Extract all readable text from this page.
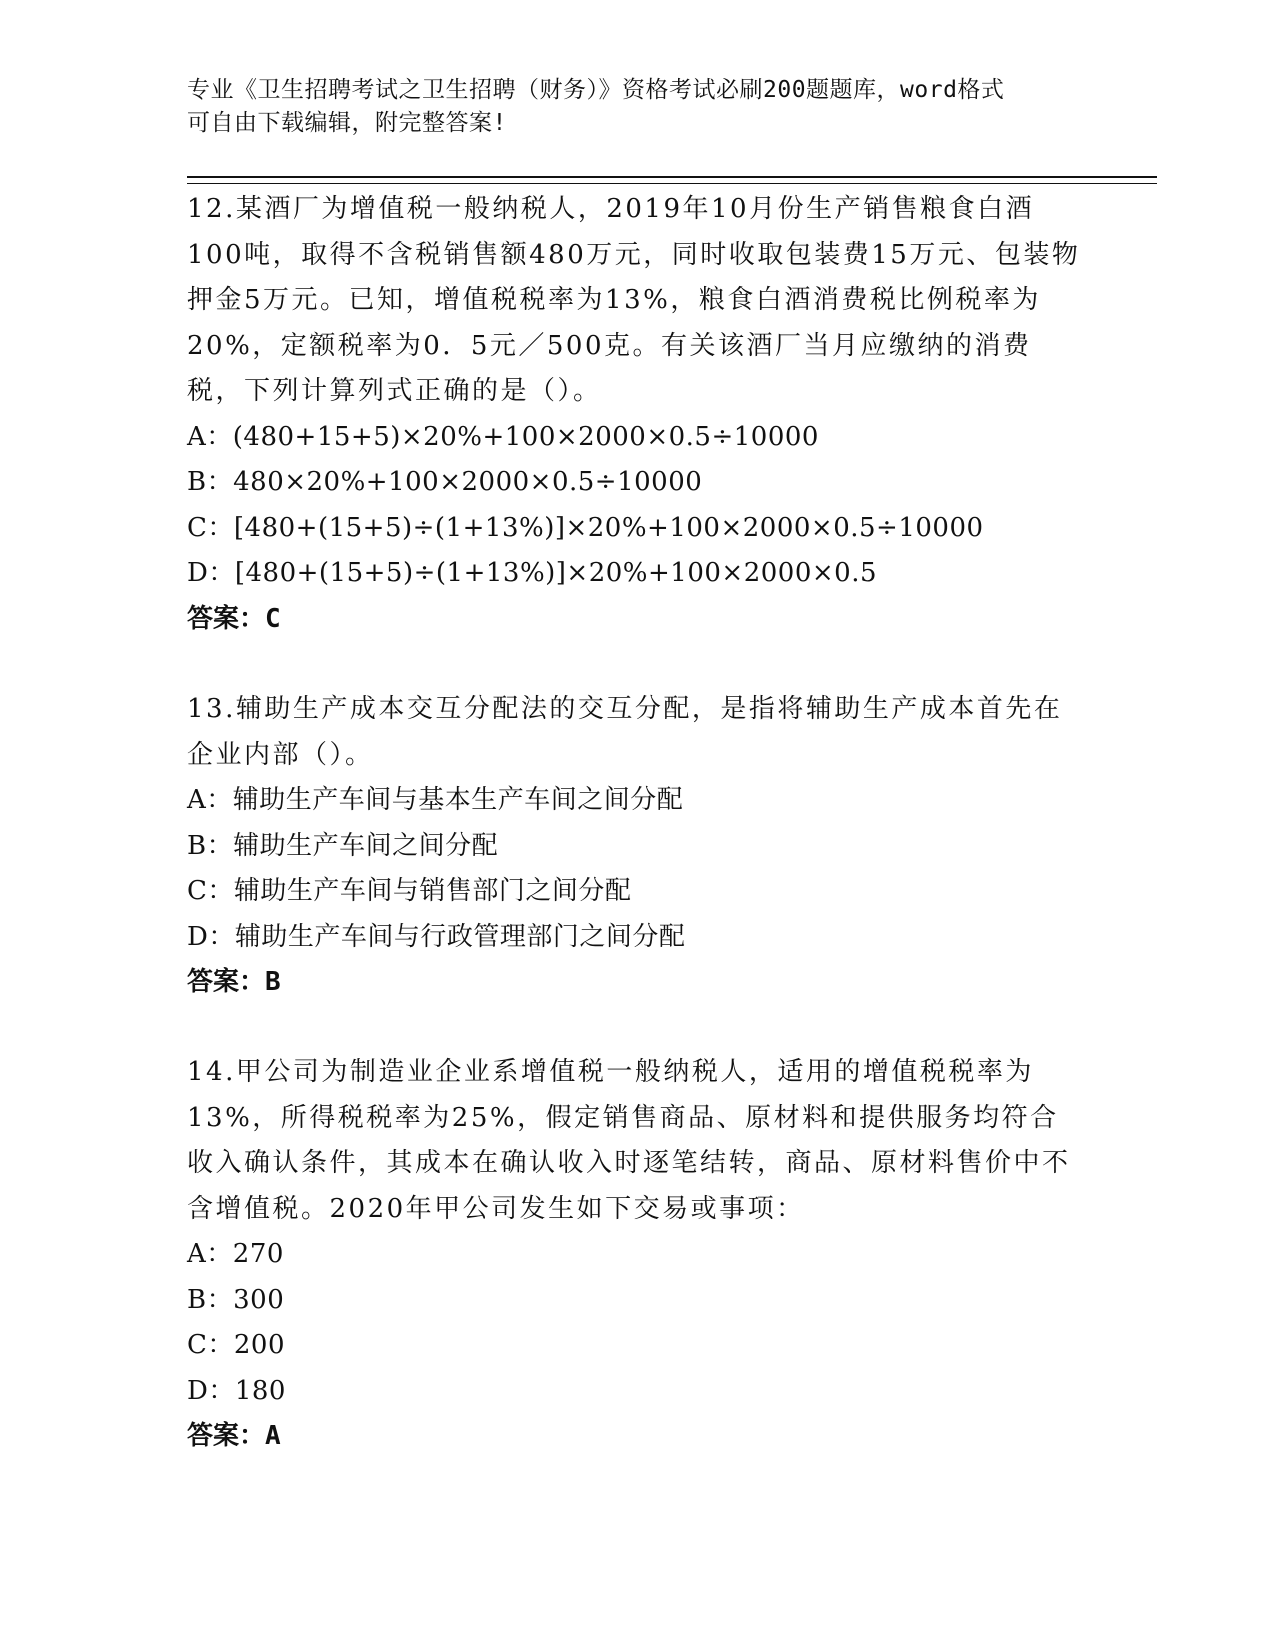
专业《卫生招聘考试之卫生招聘（财务）》资格考试必刷200题题库，word格式
可自由下载编辑，附完整答案!
12.某酒厂为增值税一般纳税人，2019年10月份生产销售粮食白酒100吨，取得不含税销售额480万元，同时收取包装费15万元、包装物押金5万元。已知，增值税税率为13%，粮食白酒消费税比例税率为20%，定额税率为0．5元／500克。有关该酒厂当月应缴纳的消费税，下列计算列式正确的是（）。
A：(480+15+5)×20%+100×2000×0.5÷10000
B：480×20%+100×2000×0.5÷10000
C：[480+(15+5)÷(1+13%)]×20%+100×2000×0.5÷10000
D：[480+(15+5)÷(1+13%)]×20%+100×2000×0.5
答案：C
13.辅助生产成本交互分配法的交互分配，是指将辅助生产成本首先在企业内部（）。
A：辅助生产车间与基本生产车间之间分配
B：辅助生产车间之间分配
C：辅助生产车间与销售部门之间分配
D：辅助生产车间与行政管理部门之间分配
答案：B
14.甲公司为制造业企业系增值税一般纳税人，适用的增值税税率为13%，所得税税率为25%，假定销售商品、原材料和提供服务均符合收入确认条件，其成本在确认收入时逐笔结转，商品、原材料售价中不含增值税。2020年甲公司发生如下交易或事项：
A：270
B：300
C：200
D：180
答案：A
